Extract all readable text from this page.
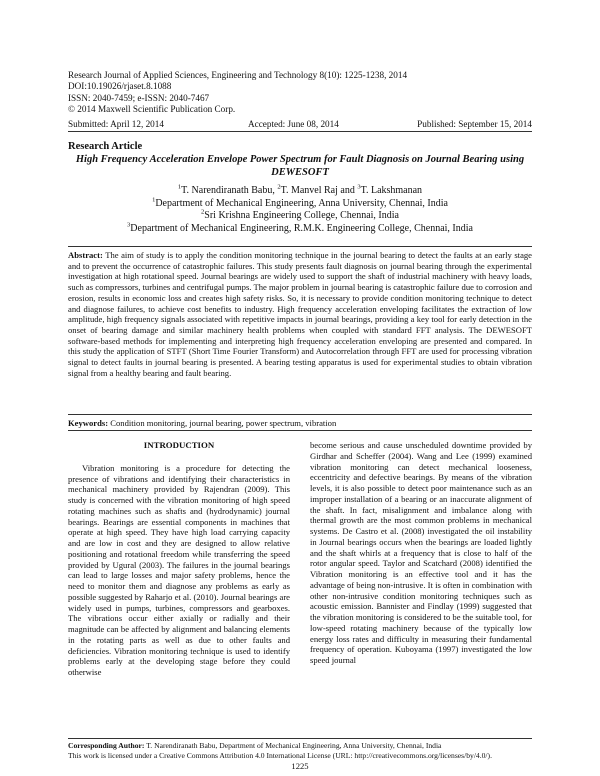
Research Journal of Applied Sciences, Engineering and Technology 8(10): 1225-1238, 2014
DOI:10.19026/rjaset.8.1088
ISSN: 2040-7459; e-ISSN: 2040-7467
© 2014 Maxwell Scientific Publication Corp.
Submitted: April 12, 2014	Accepted: June 08, 2014	Published: September 15, 2014
Research Article
High Frequency Acceleration Envelope Power Spectrum for Fault Diagnosis on Journal Bearing using DEWESOFT
$^1$T. Narendiranath Babu, $^2$T. Manvel Raj and $^3$T. Lakshmanan
$^1$Department of Mechanical Engineering, Anna University, Chennai, India
$^2$Sri Krishna Engineering College, Chennai, India
$^3$Department of Mechanical Engineering, R.M.K. Engineering College, Chennai, India
Abstract: The aim of study is to apply the condition monitoring technique in the journal bearing to detect the faults at an early stage and to prevent the occurrence of catastrophic failures. This study presents fault diagnosis on journal bearing through the experimental investigation at high rotational speed. Journal bearings are widely used to support the shaft of industrial machinery with heavy loads, such as compressors, turbines and centrifugal pumps. The major problem in journal bearing is catastrophic failure due to corrosion and erosion, results in economic loss and creates high safety risks. So, it is necessary to provide condition monitoring technique to detect and diagnose failures, to achieve cost benefits to industry. High frequency acceleration enveloping facilitates the extraction of low amplitude, high frequency signals associated with repetitive impacts in journal bearings, providing a key tool for early detection in the onset of bearing damage and similar machinery health problems when coupled with standard FFT analysis. The DEWESOFT software-based methods for implementing and interpreting high frequency acceleration enveloping are presented and compared. In this study the application of STFT (Short Time Fourier Transform) and Autocorrelation through FFT are used for processing vibration signal to detect faults in journal bearing is presented. A bearing testing apparatus is used for experimental studies to obtain vibration signal from a healthy bearing and fault bearing.
Keywords: Condition monitoring, journal bearing, power spectrum, vibration
INTRODUCTION

Vibration monitoring is a procedure for detecting the presence of vibrations and identifying their characteristics in mechanical machinery provided by Rajendran (2009). This study is concerned with the vibration monitoring of high speed rotating machines such as shafts and (hydrodynamic) journal bearings. Bearings are essential components in machines that operate at high speed. They have high load carrying capacity and are low in cost and they are designed to allow relative positioning and rotational freedom while transferring the speed provided by Ugural (2003). The failures in the journal bearings can lead to large losses and major safety problems, hence the need to monitor them and diagnose any problems as early as possible suggested by Raharjo et al. (2010). Journal bearings are widely used in pumps, turbines, compressors and gearboxes. The vibrations occur either axially or radially and their magnitude can be affected by alignment and balancing elements in the rotating parts as well as due to other faults and deficiencies. Vibration monitoring technique is used to identify problems early at the developing stage before they could otherwise

become serious and cause unscheduled downtime provided by Girdhar and Scheffer (2004). Wang and Lee (1999) examined vibration monitoring can detect mechanical looseness, eccentricity and defective bearings. By means of the vibration levels, it is also possible to detect poor maintenance such as an improper installation of a bearing or an inaccurate alignment of the shaft. In fact, misalignment and imbalance along with thermal growth are the most common problems in mechanical systems. De Castro et al. (2008) investigated the oil instability in Journal bearings occurs when the bearings are loaded lightly and the shaft whirls at a frequency that is close to half of the rotor angular speed. Taylor and Scatchard (2008) identified the Vibration monitoring is an effective tool and it has the advantage of being non-intrusive. It is often in combination with other non-intrusive condition monitoring techniques such as acoustic emission. Bannister and Findlay (1999) suggested that the vibration monitoring is considered to be the suitable tool, for low-speed rotating machinery because of the typically low energy loss rates and difficulty in measuring their fundamental frequency of operation. Kuboyama (1997) investigated the low speed journal

Corresponding Author: T. Narendiranath Babu, Department of Mechanical Engineering, Anna University, Chennai, India
This work is licensed under a Creative Commons Attribution 4.0 International License (URL: http://creativecommons.org/licenses/by/4.0/).
1225
